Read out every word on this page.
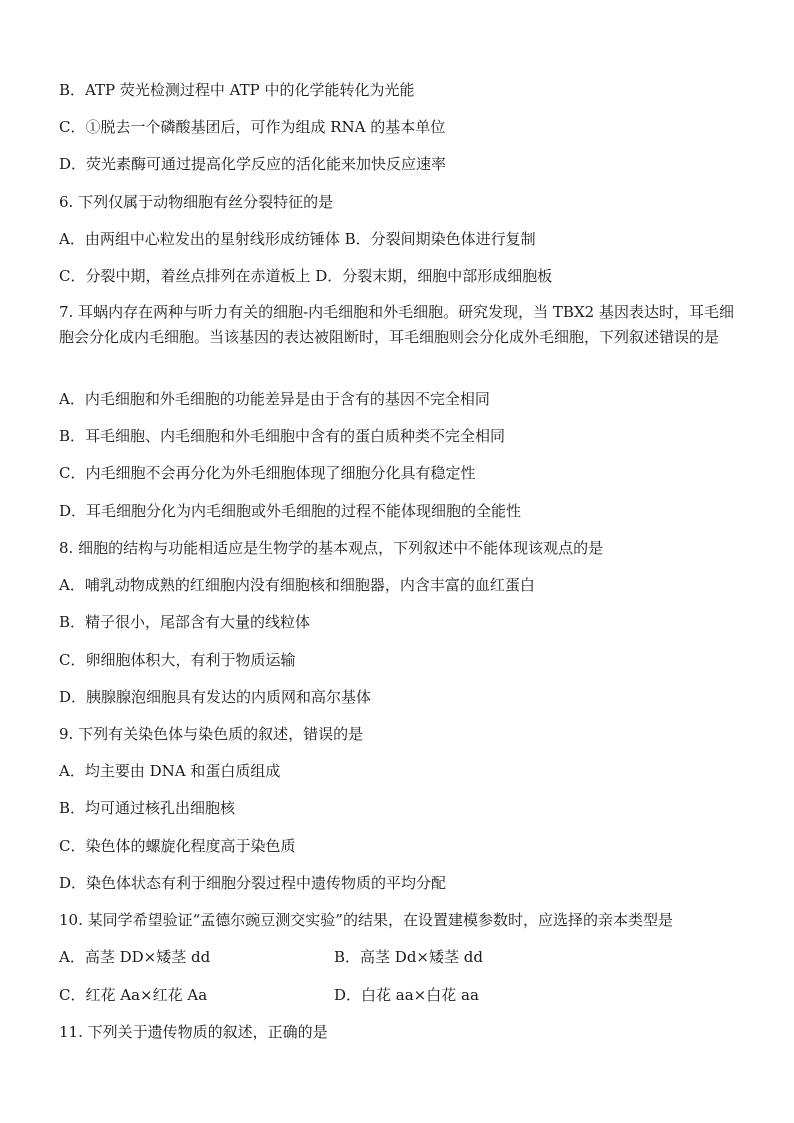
B．ATP 荧光检测过程中 ATP 中的化学能转化为光能
C．①脱去一个磷酸基团后，可作为组成 RNA 的基本单位
D．荧光素酶可通过提高化学反应的活化能来加快反应速率
6. 下列仅属于动物细胞有丝分裂特征的是
A．由两组中心粒发出的星射线形成纺锤体 B．分裂间期染色体进行复制
C．分裂中期，着丝点排列在赤道板上 D．分裂末期，细胞中部形成细胞板
7. 耳蜗内存在两种与听力有关的细胞-内毛细胞和外毛细胞。研究发现，当 TBX2 基因表达时，耳毛细胞会分化成内毛细胞。当该基因的表达被阻断时，耳毛细胞则会分化成外毛细胞，下列叙述错误的是
A．内毛细胞和外毛细胞的功能差异是由于含有的基因不完全相同
B．耳毛细胞、内毛细胞和外毛细胞中含有的蛋白质种类不完全相同
C．内毛细胞不会再分化为外毛细胞体现了细胞分化具有稳定性
D．耳毛细胞分化为内毛细胞或外毛细胞的过程不能体现细胞的全能性
8. 细胞的结构与功能相适应是生物学的基本观点，下列叙述中不能体现该观点的是
A．哺乳动物成熟的红细胞内没有细胞核和细胞器，内含丰富的血红蛋白
B．精子很小，尾部含有大量的线粒体
C．卵细胞体积大，有利于物质运输
D．胰腺腺泡细胞具有发达的内质网和高尔基体
9. 下列有关染色体与染色质的叙述，错误的是
A．均主要由 DNA 和蛋白质组成
B．均可通过核孔出细胞核
C．染色体的螺旋化程度高于染色质
D．染色体状态有利于细胞分裂过程中遗传物质的平均分配
10. 某同学希望验证“孟德尔豌豆测交实验”的结果，在设置建模参数时，应选择的亲本类型是
A．高茎 DD×矮茎 dd	B．高茎 Dd×矮茎 dd
C．红花 Aa×红花 Aa	D．白花 aa×白花 aa
11. 下列关于遗传物质的叙述，正确的是
